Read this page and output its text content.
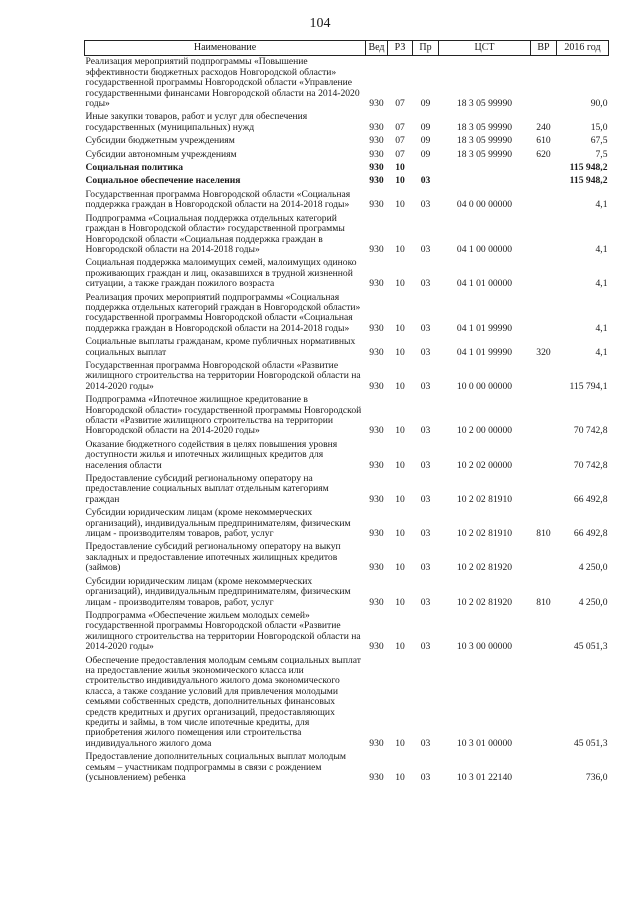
104
Наименование	Вед	РЗ	Пр	ЦСТ	ВР	2016 год
Реализация мероприятий подпрограммы «Повышение эффективности бюджетных расходов Новгородской области» государственной программы Новгородской области «Управление государственными финансами Новгородской области на 2014-2020 годы»	930	07	09	18 3 05 99990		90,0
Иные закупки товаров, работ и услуг для обеспечения государственных (муниципальных) нужд	930	07	09	18 3 05 99990	240	15,0
Субсидии бюджетным учреждениям	930	07	09	18 3 05 99990	610	67,5
Субсидии автономным учреждениям	930	07	09	18 3 05 99990	620	7,5
Социальная политика	930	10				115 948,2
Социальное обеспечение населения	930	10	03			115 948,2
Государственная программа Новгородской области «Социальная поддержка граждан в Новгородской области на 2014-2018 годы»	930	10	03	04 0 00 00000		4,1
Подпрограмма «Социальная поддержка отдельных категорий граждан в Новгородской области» государственной программы Новгородской области «Социальная поддержка граждан в Новгородской области на 2014-2018 годы»	930	10	03	04 1 00 00000		4,1
Социальная поддержка малоимущих семей, малоимущих одиноко проживающих граждан и лиц, оказавшихся в трудной жизненной ситуации, а также граждан пожилого возраста	930	10	03	04 1 01 00000		4,1
Реализация прочих мероприятий подпрограммы «Социальная поддержка отдельных категорий граждан в Новгородской области» государственной программы Новгородской области «Социальная поддержка граждан в Новгородской области на 2014-2018 годы»	930	10	03	04 1 01 99990		4,1
Социальные выплаты гражданам, кроме публичных нормативных социальных выплат	930	10	03	04 1 01 99990	320	4,1
Государственная программа Новгородской области «Развитие жилищного строительства на территории Новгородской области на 2014-2020 годы»	930	10	03	10 0 00 00000		115 794,1
Подпрограмма «Ипотечное жилищное кредитование в Новгородской области» государственной программы Новгородской области «Развитие жилищного строительства на территории Новгородской области на 2014-2020 годы»	930	10	03	10 2 00 00000		70 742,8
Оказание бюджетного содействия в целях повышения уровня доступности жилья и ипотечных жилищных кредитов для населения области	930	10	03	10 2 02 00000		70 742,8
Предоставление субсидий региональному оператору на предоставление социальных выплат отдельным категориям граждан	930	10	03	10 2 02 81910		66 492,8
Субсидии юридическим лицам (кроме некоммерческих организаций), индивидуальным предпринимателям, физическим лицам - производителям товаров, работ, услуг	930	10	03	10 2 02 81910	810	66 492,8
Предоставление субсидий региональному оператору на выкуп закладных и предоставление ипотечных жилищных кредитов (займов)	930	10	03	10 2 02 81920		4 250,0
Субсидии юридическим лицам (кроме некоммерческих организаций), индивидуальным предпринимателям, физическим лицам - производителям товаров, работ, услуг	930	10	03	10 2 02 81920	810	4 250,0
Подпрограмма «Обеспечение жильем молодых семей» государственной программы Новгородской области «Развитие жилищного строительства на территории Новгородской области на 2014-2020 годы»	930	10	03	10 3 00 00000		45 051,3
Обеспечение предоставления молодым семьям социальных выплат на предоставление жилья экономического класса или строительство индивидуального жилого дома экономического класса, а также создание условий для привлечения молодыми семьями собственных средств, дополнительных финансовых средств кредитных и других организаций, предоставляющих кредиты и займы, в том числе ипотечные кредиты, для приобретения жилого помещения или строительства индивидуального жилого дома	930	10	03	10 3 01 00000		45 051,3
Предоставление дополнительных социальных выплат молодым семьям – участникам подпрограммы в связи с рождением (усыновлением) ребенка	930	10	03	10 3 01 22140		736,0
